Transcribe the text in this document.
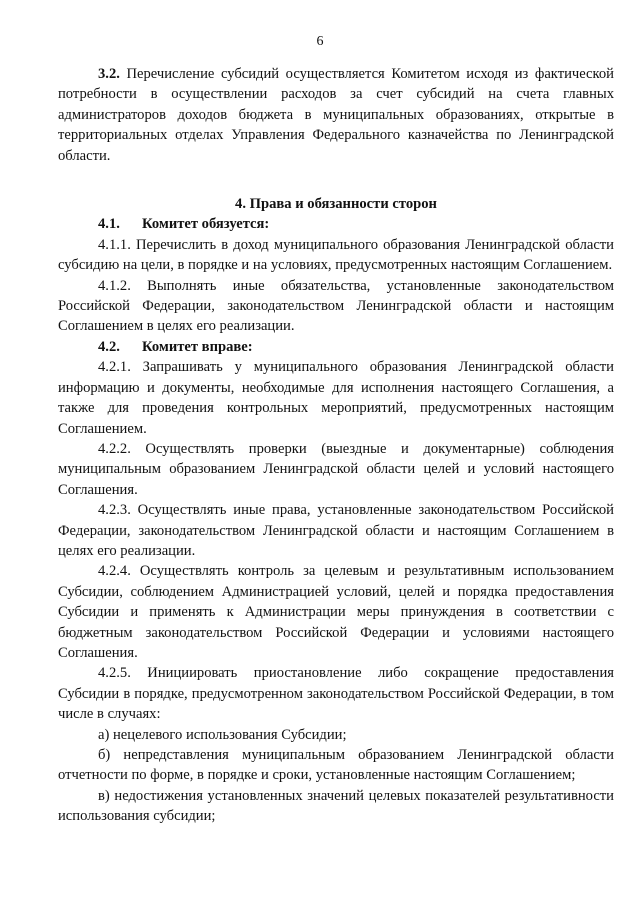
6

3.2. Перечисление субсидий осуществляется Комитетом исходя из фактической потребности в осуществлении расходов за счет субсидий на счета главных администраторов доходов бюджета в муниципальных образованиях, открытые в территориальных отделах Управления Федерального казначейства по Ленинградской области.

4. Права и обязанности сторон

4.1. Комитет обязуется:

4.1.1. Перечислить в доход муниципального образования Ленинградской области субсидию на цели, в порядке и на условиях, предусмотренных настоящим Соглашением.

4.1.2. Выполнять иные обязательства, установленные законодательством Российской Федерации, законодательством Ленинградской области и настоящим Соглашением в целях его реализации.

4.2. Комитет вправе:

4.2.1. Запрашивать у муниципального образования Ленинградской области информацию и документы, необходимые для исполнения настоящего Соглашения, а также для проведения контрольных мероприятий, предусмотренных настоящим Соглашением.

4.2.2. Осуществлять проверки (выездные и документарные) соблюдения муниципальным образованием Ленинградской области целей и условий настоящего Соглашения.

4.2.3. Осуществлять иные права, установленные законодательством Российской Федерации, законодательством Ленинградской области и настоящим Соглашением в целях его реализации.

4.2.4. Осуществлять контроль за целевым и результативным использованием Субсидии, соблюдением Администрацией условий, целей и порядка предоставления Субсидии и применять к Администрации меры принуждения в соответствии с бюджетным законодательством Российской Федерации и условиями настоящего Соглашения.

4.2.5. Инициировать приостановление либо сокращение предоставления Субсидии в порядке, предусмотренном законодательством Российской Федерации, в том числе в случаях:

а) нецелевого использования Субсидии;

б) непредставления муниципальным образованием Ленинградской области отчетности по форме, в порядке и сроки, установленные настоящим Соглашением;

в) недостижения установленных значений целевых показателей результативности использования субсидии;
